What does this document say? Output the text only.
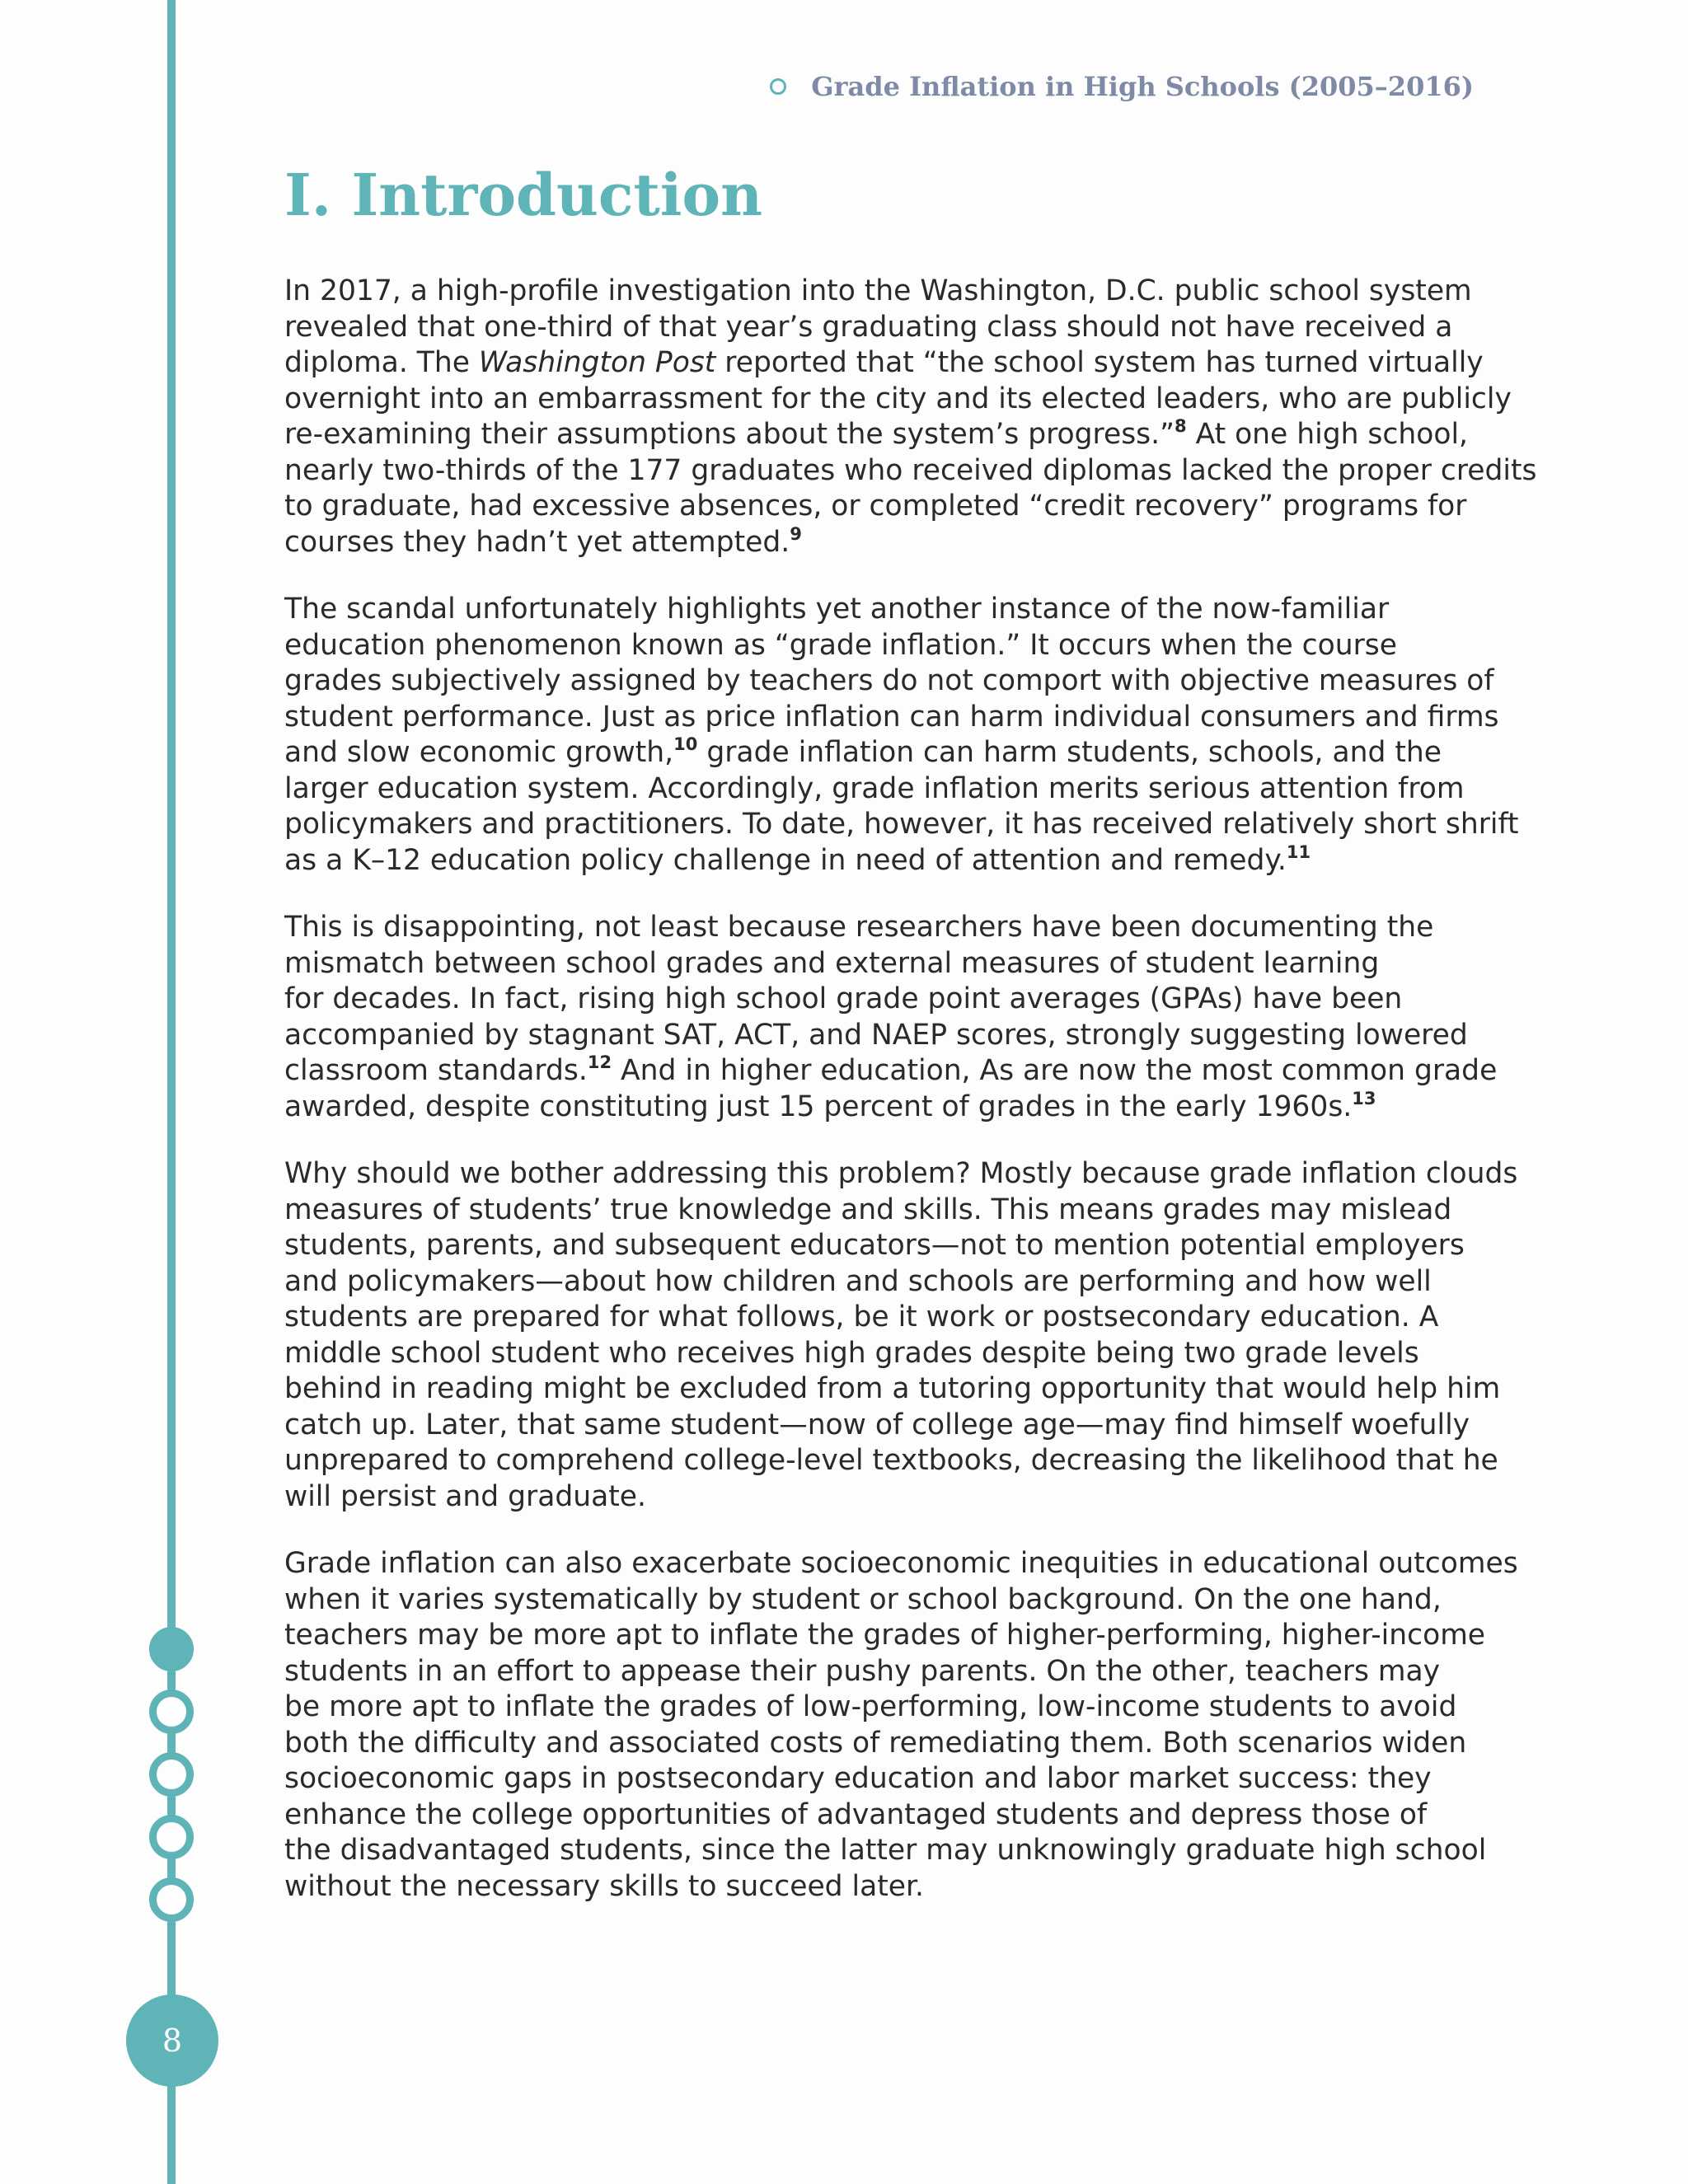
8
Grade Inflation in High Schools (2005–2016)
I. Introduction

In 2017, a high-profile investigation into the Washington, D.C. public school system
revealed that one-third of that year’s graduating class should not have received a
diploma. The Washington Post reported that “the school system has turned virtually
overnight into an embarrassment for the city and its elected leaders, who are publicly
re-examining their assumptions about the system’s progress.”$^8$ At one high school,
nearly two-thirds of the 177 graduates who received diplomas lacked the proper credits
to graduate, had excessive absences, or completed “credit recovery” programs for
courses they hadn’t yet attempted.$^9$

The scandal unfortunately highlights yet another instance of the now-familiar
education phenomenon known as “grade inflation.” It occurs when the course
grades subjectively assigned by teachers do not comport with objective measures of
student performance. Just as price inflation can harm individual consumers and firms
and slow economic growth,$^{10}$ grade inflation can harm students, schools, and the
larger education system. Accordingly, grade inflation merits serious attention from
policymakers and practitioners. To date, however, it has received relatively short shrift
as a K–12 education policy challenge in need of attention and remedy.$^{11}$

This is disappointing, not least because researchers have been documenting the
mismatch between school grades and external measures of student learning
for decades. In fact, rising high school grade point averages (GPAs) have been
accompanied by stagnant SAT, ACT, and NAEP scores, strongly suggesting lowered
classroom standards.$^{12}$ And in higher education, As are now the most common grade
awarded, despite constituting just 15 percent of grades in the early 1960s.$^{13}$

Why should we bother addressing this problem? Mostly because grade inflation clouds
measures of students’ true knowledge and skills. This means grades may mislead
students, parents, and subsequent educators—not to mention potential employers
and policymakers—about how children and schools are performing and how well
students are prepared for what follows, be it work or postsecondary education. A
middle school student who receives high grades despite being two grade levels
behind in reading might be excluded from a tutoring opportunity that would help him
catch up. Later, that same student—now of college age—may find himself woefully
unprepared to comprehend college-level textbooks, decreasing the likelihood that he
will persist and graduate.

Grade inflation can also exacerbate socioeconomic inequities in educational outcomes
when it varies systematically by student or school background. On the one hand,
teachers may be more apt to inflate the grades of higher-performing, higher-income
students in an effort to appease their pushy parents. On the other, teachers may
be more apt to inflate the grades of low-performing, low-income students to avoid
both the difficulty and associated costs of remediating them. Both scenarios widen
socioeconomic gaps in postsecondary education and labor market success: they
enhance the college opportunities of advantaged students and depress those of
the disadvantaged students, since the latter may unknowingly graduate high school
without the necessary skills to succeed later.
